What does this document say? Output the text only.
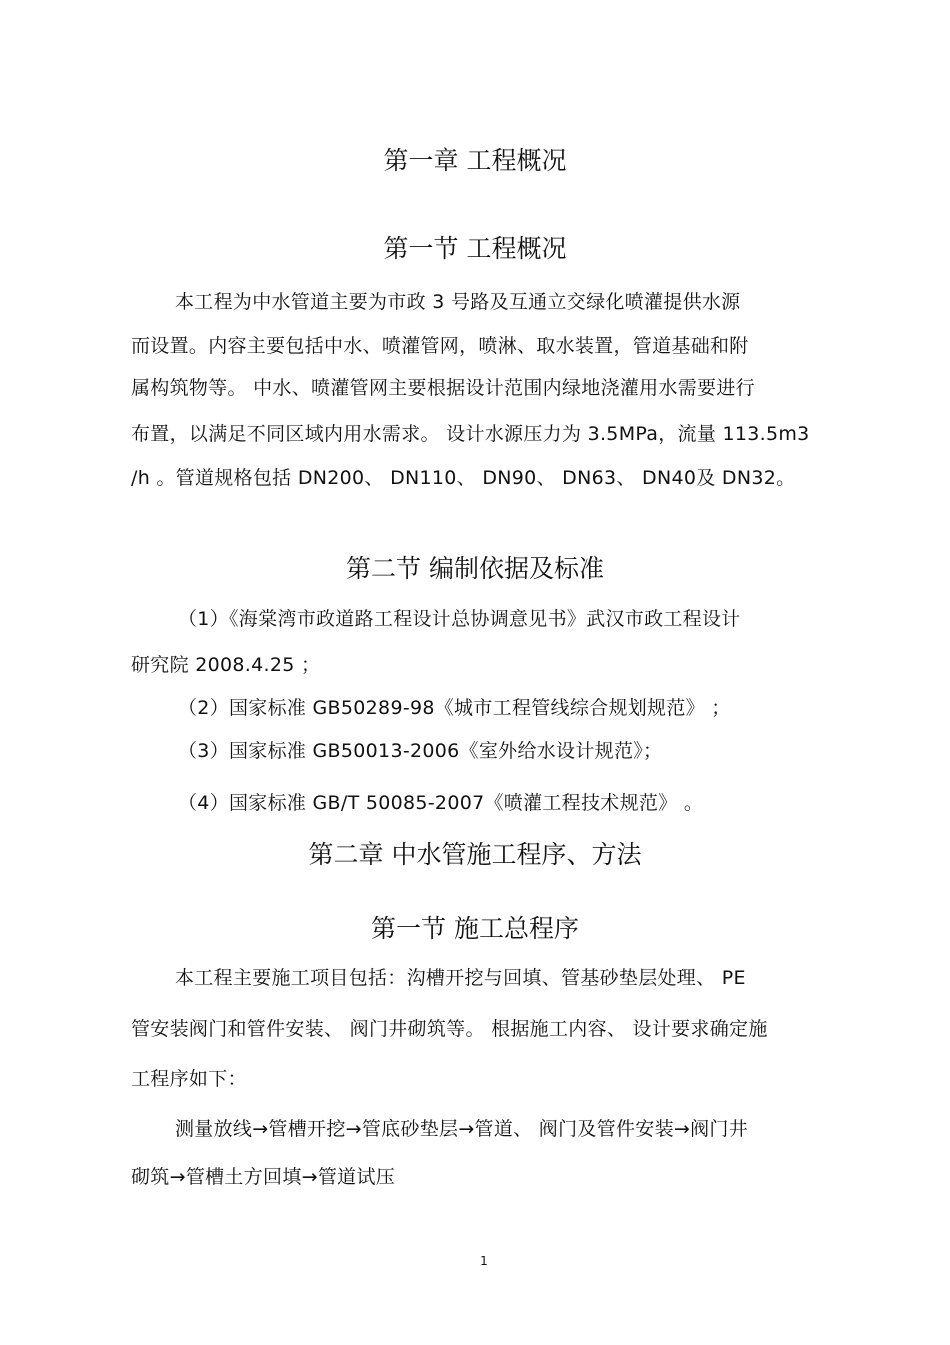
第一章 工程概况
第一节 工程概况
本工程为中水管道主要为市政 3 号路及互通立交绿化喷灌提供水源
而设置。内容主要包括中水、喷灌管网，喷淋、取水装置，管道基础和附
属构筑物等。 中水、喷灌管网主要根据设计范围内绿地浇灌用水需要进行
布置，以满足不同区域内用水需求。 设计水源压力为 3.5MPa，流量 113.5m3
/h 。管道规格包括 DN200、 DN110、 DN90、 DN63、 DN40及 DN32。
第二节 编制依据及标准
（1）《海棠湾市政道路工程设计总协调意见书》武汉市政工程设计
研究院 2008.4.25 ；
（2）国家标准 GB50289-98《城市工程管线综合规划规范》 ；
（3）国家标准 GB50013-2006《室外给水设计规范》；
（4）国家标准 GB/T 50085-2007《喷灌工程技术规范》 。
第二章 中水管施工程序、方法
第一节 施工总程序
本工程主要施工项目包括：沟槽开挖与回填、管基砂垫层处理、 PE
管安装阀门和管件安装、 阀门井砌筑等。 根据施工内容、 设计要求确定施
工程序如下：
测量放线→管槽开挖→管底砂垫层→管道、 阀门及管件安装→阀门井
砌筑→管槽土方回填→管道试压
1
